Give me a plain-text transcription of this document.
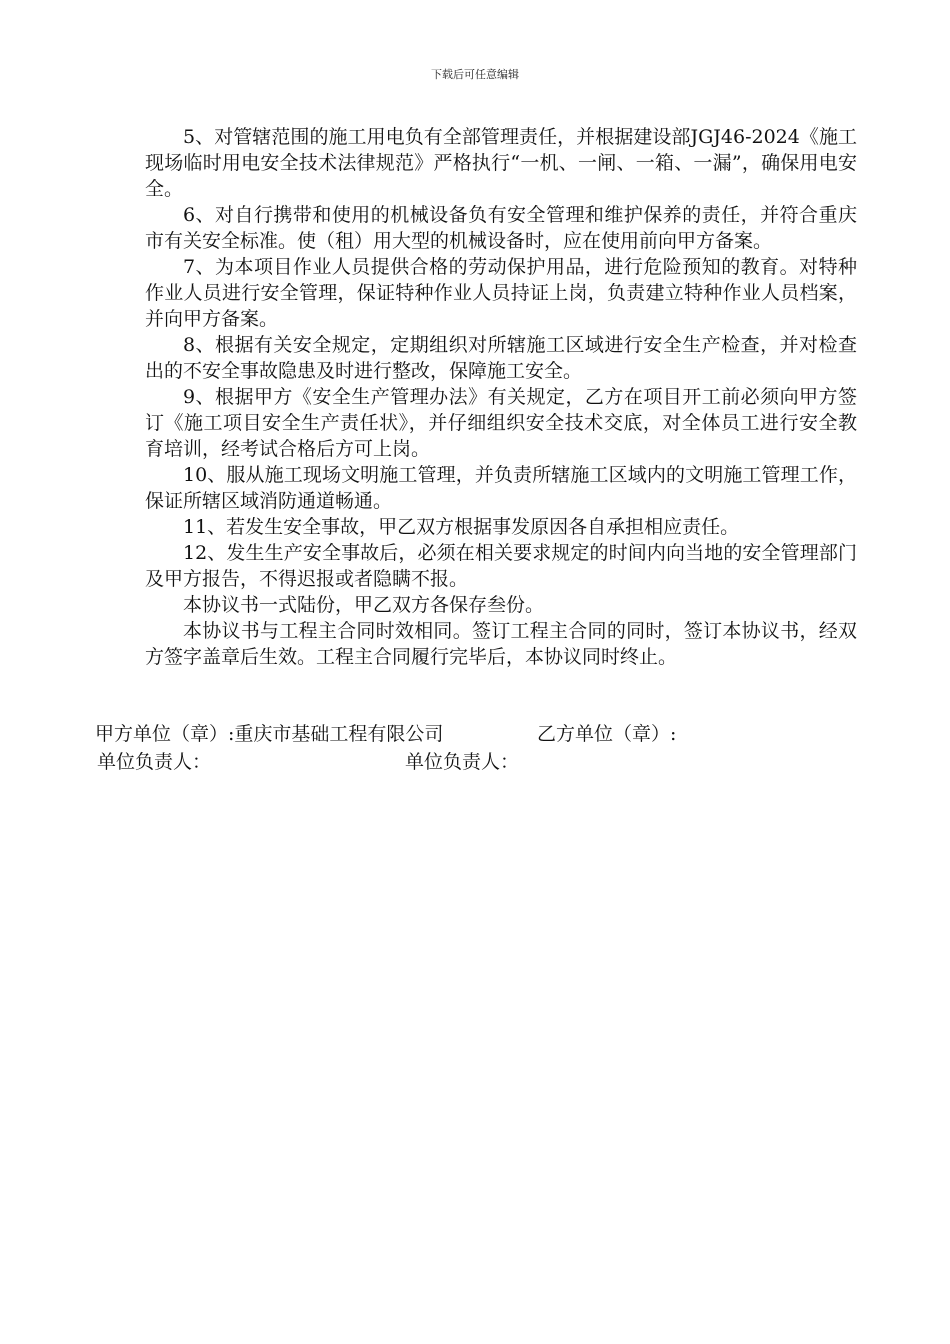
下载后可任意编辑

5、对管辖范围的施工用电负有全部管理责任，并根据建设部JGJ46-2024《施工现场临时用电安全技术法律规范》严格执行“一机、一闸、一箱、一漏”，确保用电安全。

6、对自行携带和使用的机械设备负有安全管理和维护保养的责任，并符合重庆市有关安全标准。使（租）用大型的机械设备时，应在使用前向甲方备案。

7、为本项目作业人员提供合格的劳动保护用品，进行危险预知的教育。对特种作业人员进行安全管理，保证特种作业人员持证上岗，负责建立特种作业人员档案，并向甲方备案。

8、根据有关安全规定，定期组织对所辖施工区域进行安全生产检查，并对检查出的不安全事故隐患及时进行整改，保障施工安全。

9、根据甲方《安全生产管理办法》有关规定，乙方在项目开工前必须向甲方签订《施工项目安全生产责任状》，并仔细组织安全技术交底，对全体员工进行安全教育培训，经考试合格后方可上岗。

10、服从施工现场文明施工管理，并负责所辖施工区域内的文明施工管理工作，保证所辖区域消防通道畅通。

11、若发生安全事故，甲乙双方根据事发原因各自承担相应责任。

12、发生生产安全事故后，必须在相关要求规定的时间内向当地的安全管理部门及甲方报告，不得迟报或者隐瞒不报。

本协议书一式陆份，甲乙双方各保存叁份。

本协议书与工程主合同时效相同。签订工程主合同的同时，签订本协议书，经双方签字盖章后生效。工程主合同履行完毕后，本协议同时终止。

甲方单位（章）:重庆市基础工程有限公司	乙方单位（章）:
单位负责人：	单位负责人：
